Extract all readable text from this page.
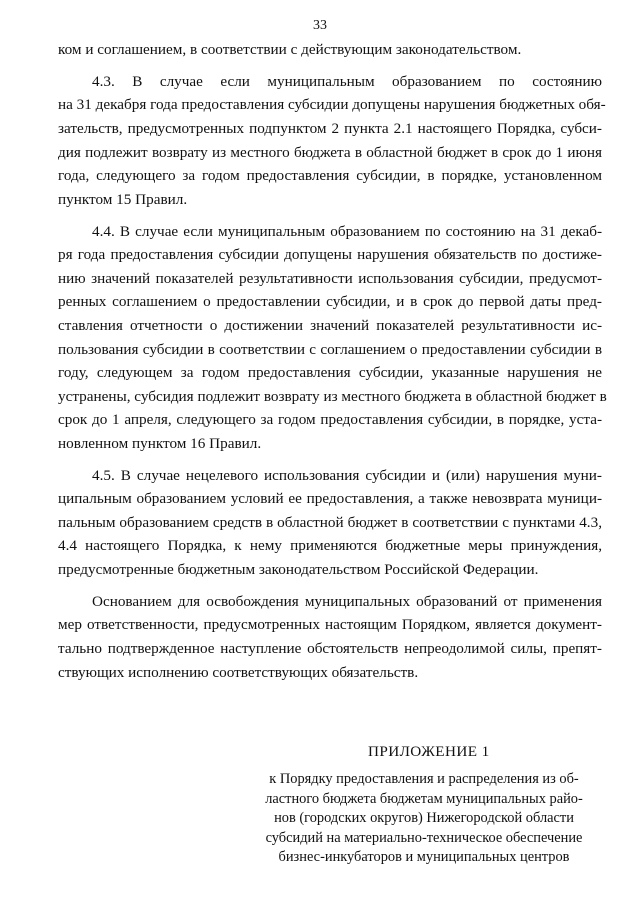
33
ком и соглашением, в соответствии с действующим законодательством.
4.3. В случае если муниципальным образованием по состоянию
на 31 декабря года предоставления субсидии допущены нарушения бюджетных обя-
зательств, предусмотренных подпунктом 2 пункта 2.1 настоящего Порядка, субси-
дия подлежит возврату из местного бюджета в областной бюджет в срок до 1 июня
года, следующего за годом предоставления субсидии, в порядке, установленном
пунктом 15 Правил.
4.4. В случае если муниципальным образованием по состоянию на 31 декаб-
ря года предоставления субсидии допущены нарушения обязательств по достиже-
нию значений показателей результативности использования субсидии, предусмот-
ренных соглашением о предоставлении субсидии, и в срок до первой даты пред-
ставления отчетности о достижении значений показателей результативности ис-
пользования субсидии в соответствии с соглашением о предоставлении субсидии в
году, следующем за годом предоставления субсидии, указанные нарушения не
устранены, субсидия подлежит возврату из местного бюджета в областной бюджет в
срок до 1 апреля, следующего за годом предоставления субсидии, в порядке, уста-
новленном пунктом 16 Правил.
4.5. В случае нецелевого использования субсидии и (или) нарушения муни-
ципальным образованием условий ее предоставления, а также невозврата муници-
пальным образованием средств в областной бюджет в соответствии с пунктами 4.3,
4.4 настоящего Порядка, к нему применяются бюджетные меры принуждения,
предусмотренные бюджетным законодательством Российской Федерации.
Основанием для освобождения муниципальных образований от применения
мер ответственности, предусмотренных настоящим Порядком, является документ-
тально подтвержденное наступление обстоятельств непреодолимой силы, препят-
ствующих исполнению соответствующих обязательств.
ПРИЛОЖЕНИЕ 1
к Порядку предоставления и распределения из об-
ластного бюджета бюджетам муниципальных райо-
нов (городских округов) Нижегородской области
субсидий на материально-техническое обеспечение
бизнес-инкубаторов и муниципальных центров
